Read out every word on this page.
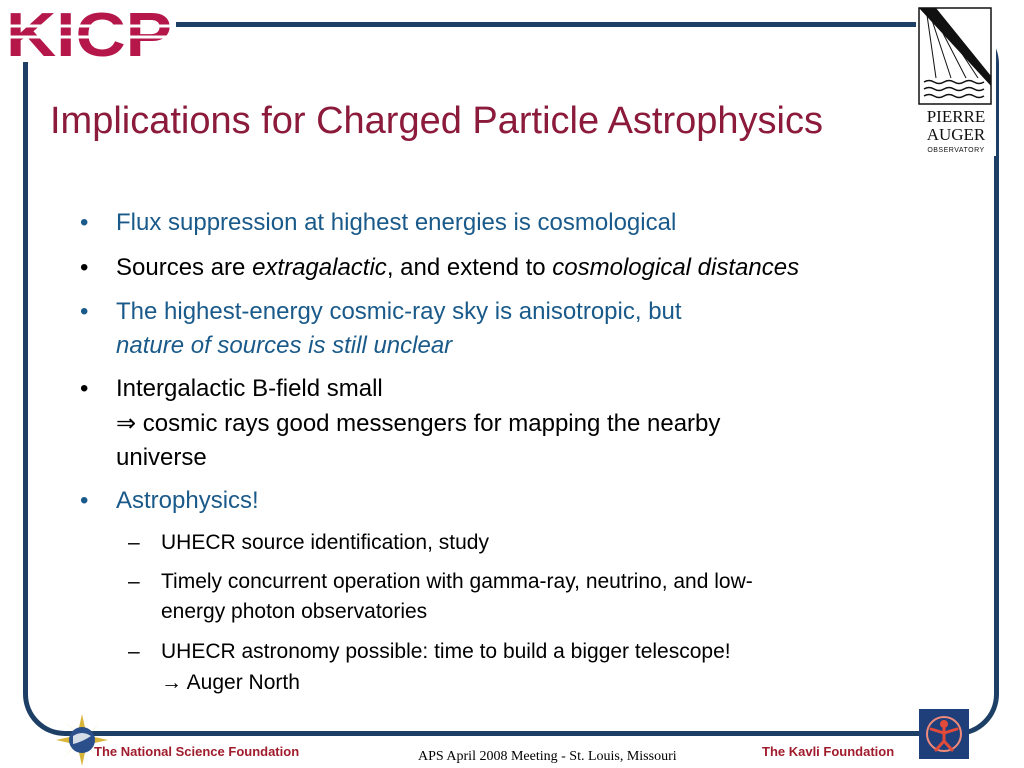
KICP
PIERRE
AUGER
OBSERVATORY
Implications for Charged Particle Astrophysics
• Flux suppression at highest energies is cosmological
• Sources are extragalactic, and extend to cosmological distances
• The highest-energy cosmic-ray sky is anisotropic, but
nature of sources is still unclear
• Intergalactic B-field small
⇒ cosmic rays good messengers for mapping the nearby
universe
• Astrophysics!
– UHECR source identification, study
– Timely concurrent operation with gamma-ray, neutrino, and low-
energy photon observatories
– UHECR astronomy possible: time to build a bigger telescope!
→ Auger North
The National Science Foundation	APS April 2008 Meeting - St. Louis, Missouri	The Kavli Foundation
